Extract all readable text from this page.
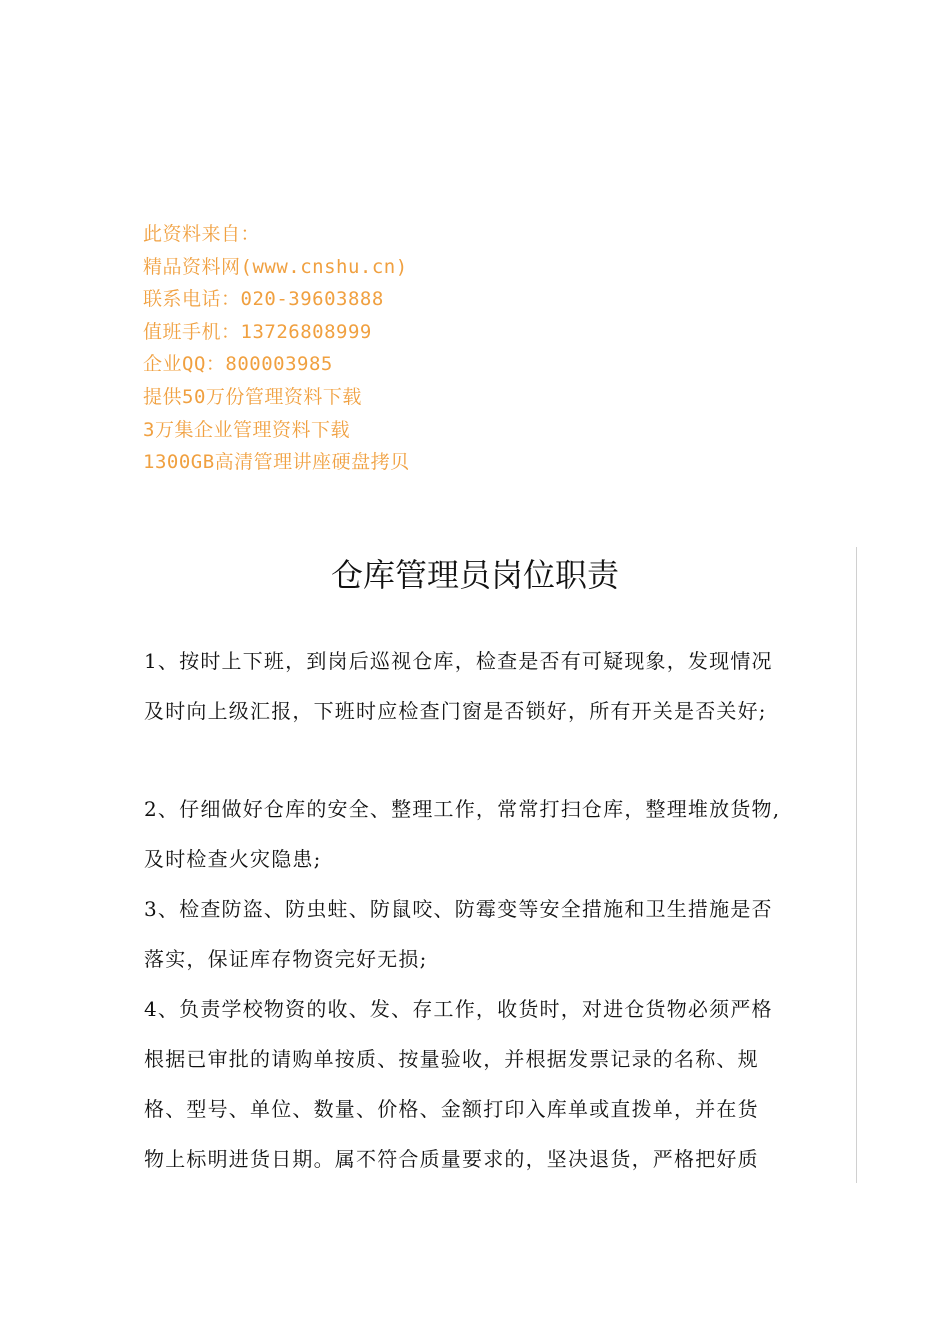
此资料来自：
精品资料网(www.cnshu.cn)
联系电话：020-39603888
值班手机：13726808999
企业QQ：800003985
提供50万份管理资料下载
3万集企业管理资料下载
1300GB高清管理讲座硬盘拷贝
仓库管理员岗位职责
1、按时上下班，到岗后巡视仓库，检查是否有可疑现象，发现情况
及时向上级汇报，下班时应检查门窗是否锁好，所有开关是否关好;
2、仔细做好仓库的安全、整理工作，常常打扫仓库，整理堆放货物,
及时检查火灾隐患;
3、检查防盗、防虫蛀、防鼠咬、防霉变等安全措施和卫生措施是否
落实，保证库存物资完好无损;
4、负责学校物资的收、发、存工作，收货时，对进仓货物必须严格
根据已审批的请购单按质、按量验收，并根据发票记录的名称、规
格、型号、单位、数量、价格、金额打印入库单或直拨单，并在货
物上标明进货日期。属不符合质量要求的，坚决退货，严格把好质
